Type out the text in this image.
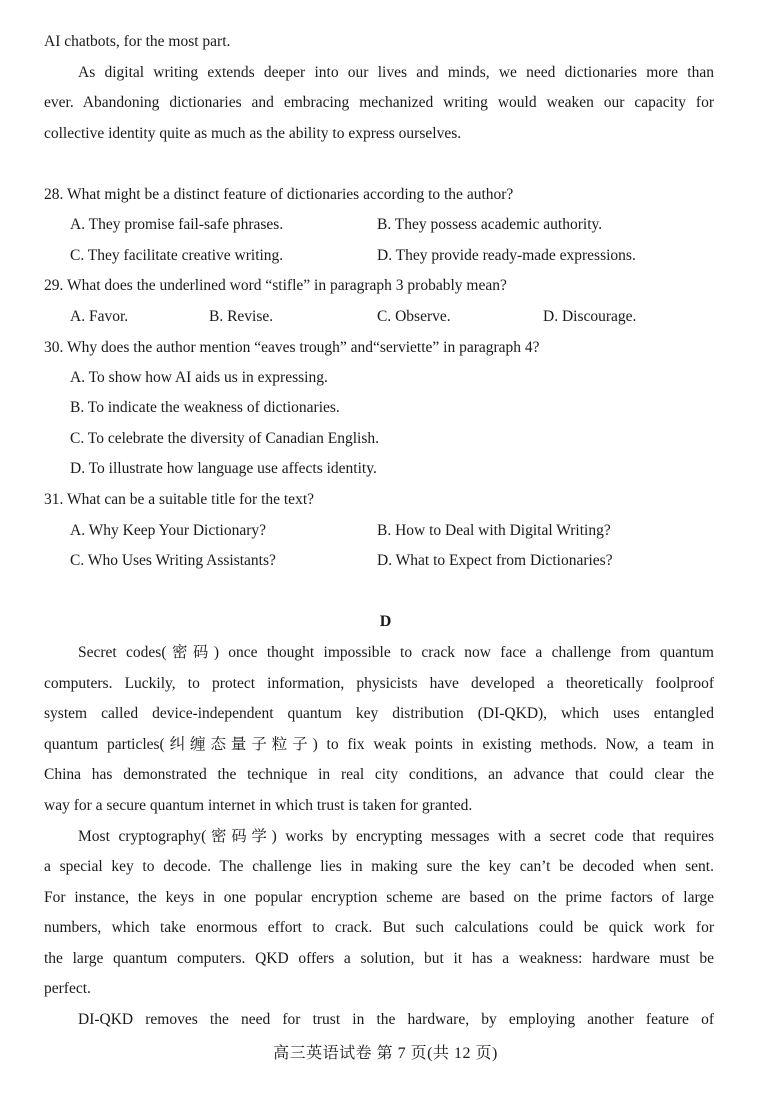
AI chatbots, for the most part.
As digital writing extends deeper into our lives and minds, we need dictionaries more than
ever. Abandoning dictionaries and embracing mechanized writing would weaken our capacity for
collective identity quite as much as the ability to express ourselves.
28. What might be a distinct feature of dictionaries according to the author?
A. They promise fail-safe phrases.	B. They possess academic authority.
C. They facilitate creative writing.	D. They provide ready-made expressions.
29. What does the underlined word “stifle” in paragraph 3 probably mean?
A. Favor.	B. Revise.	C. Observe.	D. Discourage.
30. Why does the author mention “eaves trough” and“serviette” in paragraph 4?
A. To show how AI aids us in expressing.
B. To indicate the weakness of dictionaries.
C. To celebrate the diversity of Canadian English.
D. To illustrate how language use affects identity.
31. What can be a suitable title for the text?
A. Why Keep Your Dictionary?	B. How to Deal with Digital Writing?
C. Who Uses Writing Assistants?	D. What to Expect from Dictionaries?
D
Secret codes(密码) once thought impossible to crack now face a challenge from quantum
computers. Luckily, to protect information, physicists have developed a theoretically foolproof
system called device-independent quantum key distribution (DI-QKD), which uses entangled
quantum particles(纠缠态量子粒子) to fix weak points in existing methods. Now, a team in
China has demonstrated the technique in real city conditions, an advance that could clear the
way for a secure quantum internet in which trust is taken for granted.
Most cryptography(密码学) works by encrypting messages with a secret code that requires
a special key to decode. The challenge lies in making sure the key can’t be decoded when sent.
For instance, the keys in one popular encryption scheme are based on the prime factors of large
numbers, which take enormous effort to crack. But such calculations could be quick work for
the large quantum computers. QKD offers a solution, but it has a weakness: hardware must be
perfect.
DI-QKD removes the need for trust in the hardware, by employing another feature of
高三英语试卷 第 7 页(共 12 页)
